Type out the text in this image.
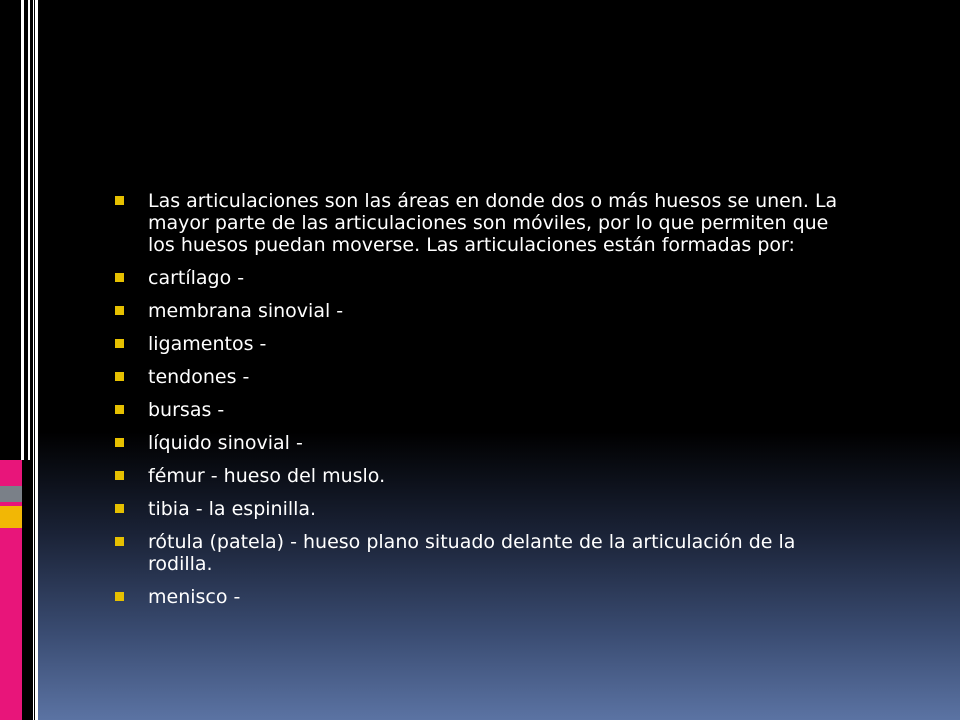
Las articulaciones son las áreas en donde dos o más huesos se unen. La mayor parte de las articulaciones son móviles, por lo que permiten que los huesos puedan moverse. Las articulaciones están formadas por:
cartílago -
membrana sinovial -
ligamentos -
tendones -
bursas -
líquido sinovial -
fémur - hueso del muslo.
tibia - la espinilla.
rótula (patela) - hueso plano situado delante de la articulación de la rodilla.
menisco -
